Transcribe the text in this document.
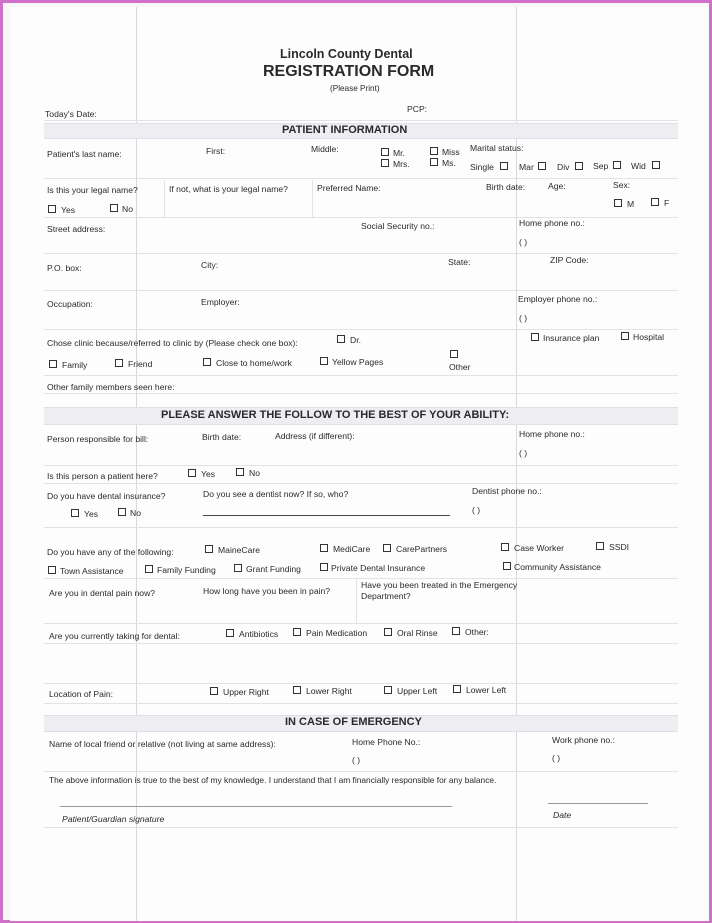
Lincoln County Dental
REGISTRATION FORM
(Please Print)
Today's Date:	PCP:
PATIENT INFORMATION
Patient's last name:	First:	Middle:	Mr.
Mrs.
Miss
Ms.
Marital status:
Single	Mar	Div	Sep	Wid
Is this your legal name?
Yes	No
If not, what is your legal name?	Preferred Name:	Birth date:	Age:	Sex:
M	F
Street address:	Social Security no.:	Home phone no.:
( )
P.O. box:	City:	State:	ZIP Code:
Occupation:	Employer:	Employer phone no.:
( )
Chose clinic because/referred to clinic by (Please check one box):	Dr.	Insurance plan	Hospital
Family	Friend	Close to home/work	Yellow Pages	Other
Other family members seen here:
PLEASE ANSWER THE FOLLOW TO THE BEST OF YOUR ABILITY:
Person responsible for bill:	Birth date:	Address (if different):	Home phone no.:
( )
Is this person a patient here?	Yes	No
Do you have dental insurance?
Yes	No
Do you see a dentist now? If so, who?	Dentist phone no.:
( )
Do you have any of the following:	MaineCare	MediCare	CarePartners	Case Worker	SSDI
Town Assistance	Family Funding	Grant Funding	Private Dental Insurance	Community Assistance
Are you in dental pain now?	How long have you been in pain?
Have you been treated in the Emergency
Department?
Are you currently taking for dental:	Antibiotics	Pain Medication	Oral Rinse	Other:
Location of Pain:	Upper Right	Lower Right	Upper Left	Lower Left
IN CASE OF EMERGENCY
Name of local friend or relative (not living at same address):	Home Phone No.:
( )
Work phone no.:
( )
The above information is true to the best of my knowledge. I understand that I am financially responsible for any balance.
Patient/Guardian signature	Date
